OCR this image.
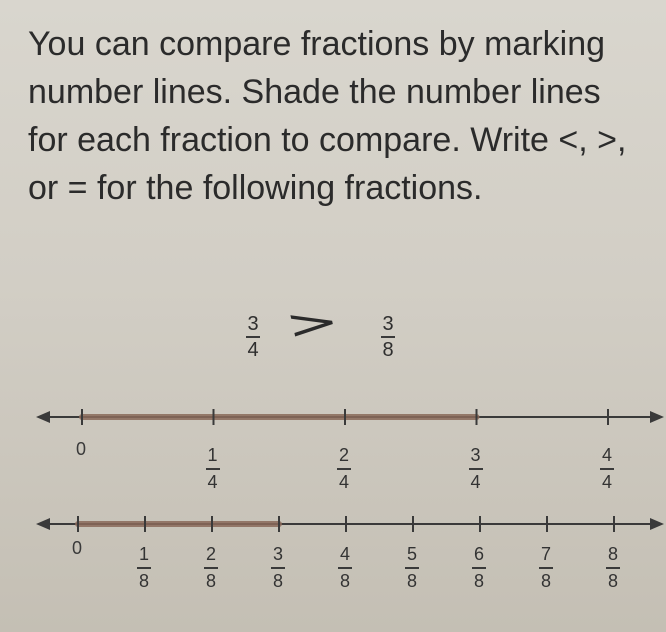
You can compare fractions by marking number lines. Shade the number lines for each fraction to compare. Write <, >, or = for the following fractions.

3
4
> 3
8
0	1
4
2
4
3
4
4
4
0	1
8
2
8
3
8
4
8
5
8
6
8
7
8
8
8
